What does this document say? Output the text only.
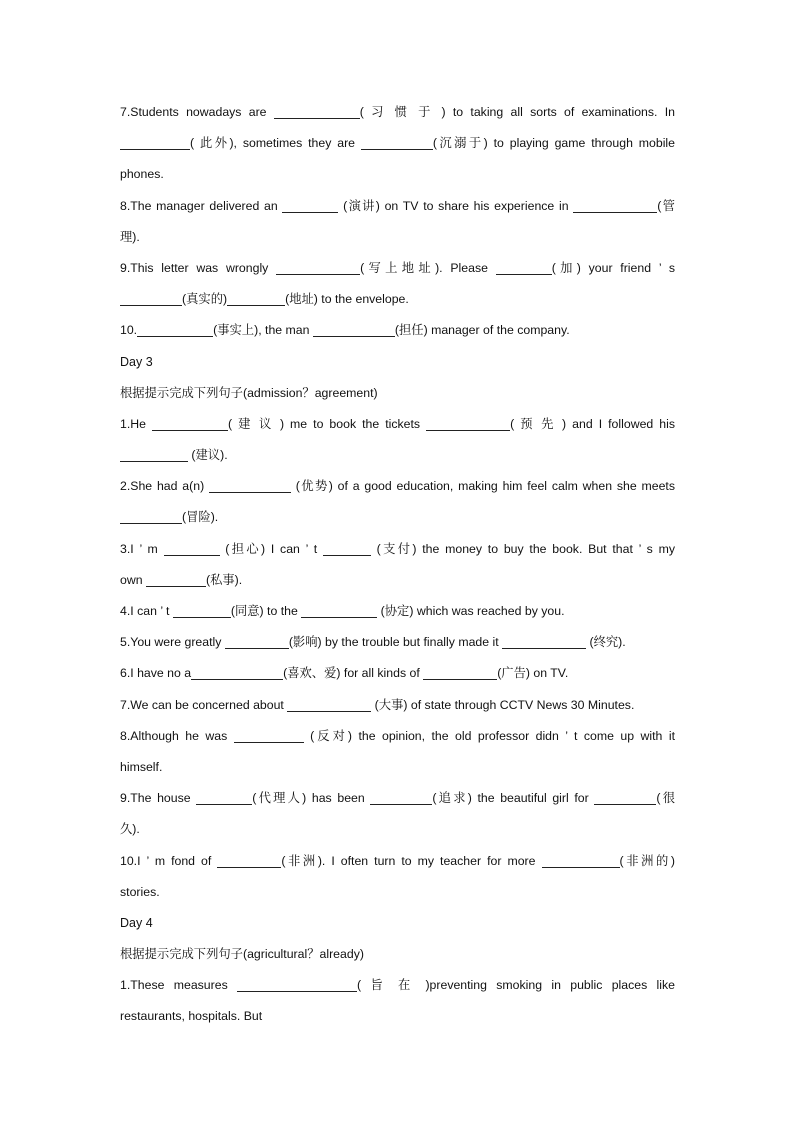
7.Students nowadays are	( 习 惯 于 ) to taking all sorts of examinations. In
( 此外), sometimes they are	(沉溺于) to playing game through mobile
phones.
8.The manager delivered an	(演讲) on TV to share his experience in	(管
理).
9.This letter was wrongly	(写上地址). Please	(加) your friend ’ s
(真实的)	(地址) to the envelope.
10.	(事实上), the man	(担任) manager of the company.
Day 3
根据提示完成下列句子(admission？agreement)
1.He	( 建 议 ) me to book the tickets	( 预 先 ) and I followed his
(建议).
2.She had a(n)	(优势) of a good education, making him feel calm when she meets
(冒险).
3.I ’ m	(担心) I can ’ t	(支付) the money to buy the book. But that ’ s my
own	(私事).
4.I can ’ t	(同意) to the	(协定) which was reached by you.
5.You were greatly	(影响) by the trouble but finally made it	(终究).
6.I have no a	(喜欢、爱) for all kinds of	(广告) on TV.
7.We can be concerned about	(大事) of state through CCTV News 30 Minutes.
8.Although he was	(反对) the opinion, the old professor didn ’ t come up with it
himself.
9.The house	(代理人) has been	(追求) the beautiful girl for	(很
久).
10.I ’ m fond of	(非洲). I often turn to my teacher for more	(非洲的)
stories.
Day 4
根据提示完成下列句子(agricultural？already)
1.These measures	( 旨 在 )preventing smoking in public places like
restaurants, hospitals. But
